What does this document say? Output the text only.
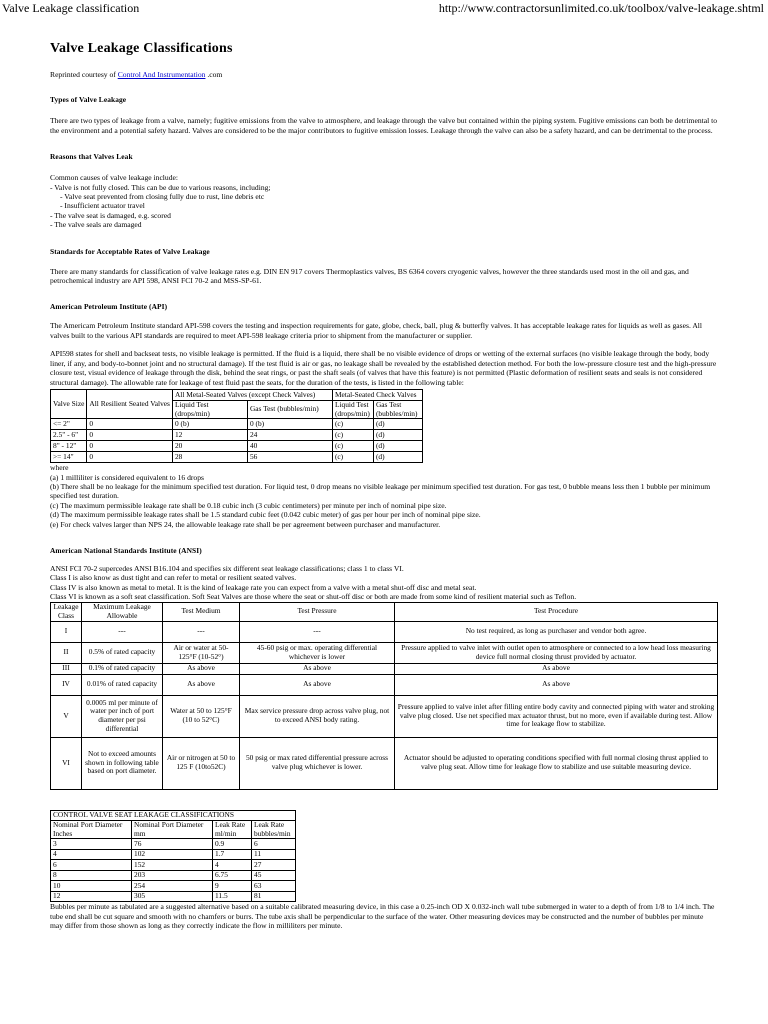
Valve Leakage classification	http://www.contractorsunlimited.co.uk/toolbox/valve-leakage.shtml
Valve Leakage Classifications

Reprinted courtesy of Control And Instrumentation .com

Types of Valve Leakage

There are two types of leakage from a valve, namely; fugitive emissions from the valve to atmosphere, and leakage through the valve but contained within the piping system. Fugitive emissions can both be detrimental to the environment and a potential safety hazard. Valves are considered to be the major contributors to fugitive emission losses. Leakage through the valve can also be a safety hazard, and can be detrimental to the process.

Reasons that Valves Leak
Common causes of valve leakage include:
- Valve is not fully closed. This can be due to various reasons, including;
- Valve seat prevented from closing fully due to rust, line debris etc
- Insufficient actuator travel
- The valve seat is damaged, e.g. scored
- The valve seals are damaged
Standards for Acceptable Rates of Valve Leakage

There are many standards for classification of valve leakage rates e.g. DIN EN 917 covers Thermoplastics valves, BS 6364 covers cryogenic valves, however the three standards used most in the oil and gas, and petrochemical industry are API 598, ANSI FCI 70-2 and MSS-SP-61.

American Petroleum Institute (API)

The Americam Petroleum Institute standard API-598 covers the testing and inspection requirements for gate, globe, check, ball, plug & butterfly valves. It has acceptable leakage rates for liquids as well as gases. All valves built to the various API standards are required to meet API-598 leakage criteria prior to shipment from the manufacturer or supplier.

API598 states for shell and backseat tests, no visible leakage is permitted. If the fluid is a liquid, there shall be no visible evidence of drops or wetting of the external surfaces (no visible leakage through the body, body liner, if any, and body-to-bonnet joint and no structural damage). If the test fluid is air or gas, no leakage shall be revealed by the established detection method. For both the low-pressure closure test and the high-pressure closure test, visual evidence of leakage through the disk, behind the seat rings, or past the shaft seals (of valves that have this feature) is not permitted (Plastic deformation of resilient seats and seals is not considered structural damage). The allowable rate for leakage of test fluid past the seats, for the duration of the tests, is listed in the following table:

Valve Size	All Resilient Seated Valves	All Metal-Seated Valves (except Check Valves)		Metal-Seated Check Valves	
		Liquid Test (drops/min)	Gas Test (bubbles/min)	Liquid Test (drops/min)	Gas Test (bubbles/min)
<= 2"	0	0 (b)	0 (b)	(c)	(d)
2.5" - 6"	0	12	24	(c)	(d)
8" - 12"	0	20	40	(c)	(d)
>= 14"	0	28	56	(c)	(d)
where
(a) 1 milliliter is considered equivalent to 16 drops
(b) There shall be no leakage for the minimum specified test duration. For liquid test, 0 drop means no visible leakage per minimum specified test duration. For gas test, 0 bubble means less then 1 bubble per minimum specified test duration.
(c) The maximum permissible leakage rate shall be 0.18 cubic inch (3 cubic centimeters) per minute per inch of nominal pipe size.
(d) The maximum permissible leakage rates shall be 1.5 standard cubic feet (0.042 cubic meter) of gas per hour per inch of nominal pipe size.
(e) For check valves larger than NPS 24, the allowable leakage rate shall be per agreement between purchaser and manufacturer.
American National Standards Institute (ANSI)
ANSI FCI 70-2 supercedes ANSI B16.104 and specifies six different seat leakage classifications; class 1 to class VI.
Class I is also know as dust tight and can refer to metal or resilient seated valves.
Class IV is also known as metal to metal. It is the kind of leakage rate you can expect from a valve with a metal shut-off disc and metal seat.
Class VI is known as a soft seat classification. Soft Seat Valves are those where the seat or shut-off disc or both are made from some kind of resilient material such as Teflon.
Leakage Class	Maximum Leakage Allowable	Test Medium	Test Pressure	Test Procedure
I	---	---	---	No test required, as long as purchaser and vendor both agree.
II	0.5% of rated capacity	Air or water at 50-125°F (10-52°)	45-60 psig or max. operating differential whichever is lower	Pressure applied to valve inlet with outlet open to atmosphere or connected to a low head loss measuring device full normal closing thrust provided by actuator.
III	0.1% of rated capacity	As above	As above	As above
IV	0.01% of rated capacity	As above	As above	As above
V	0.0005 ml per minute of water per inch of port diameter per psi differential	Water at 50 to 125°F (10 to 52°C)	Max service pressure drop across valve plug, not to exceed ANSI body rating.	Pressure applied to valve inlet after filling entire body cavity and connected piping with water and stroking valve plug closed. Use net specified max actuator thrust, but no more, even if available during test. Allow time for leakage flow to stabilize.
VI	Not to exceed amounts shown in following table based on port diameter.	Air or nitrogen at 50 to 125 F (10to52C)	50 psig or max rated differential pressure across valve plug whichever is lower.	Actuator should be adjusted to operating conditions specified with full normal closing thrust applied to valve plug seat. Allow time for leakage flow to stabilize and use suitable measuring device.
CONTROL VALVE SEAT LEAKAGE CLASSIFICATIONS			
Nominal Port Diameter Inches	Nominal Port Diameter mm	Leak Rate ml/min	Leak Rate bubbles/min
3	76	0.9	6
4	102	1.7	11
6	152	4	27
8	203	6.75	45
10	254	9	63
12	305	11.5	81

Bubbles per minute as tabulated are a suggested alternative based on a suitable calibrated measuring device, in this case a 0.25-inch OD X 0.032-inch wall tube submerged in water to a depth of from 1/8 to 1/4 inch. The tube end shall be cut square and smooth with no chamfers or burrs. The tube axis shall be perpendicular to the surface of the water. Other measuring devices may be constructed and the number of bubbles per minute may differ from those shown as long as they correctly indicate the flow in milliliters per minute.
